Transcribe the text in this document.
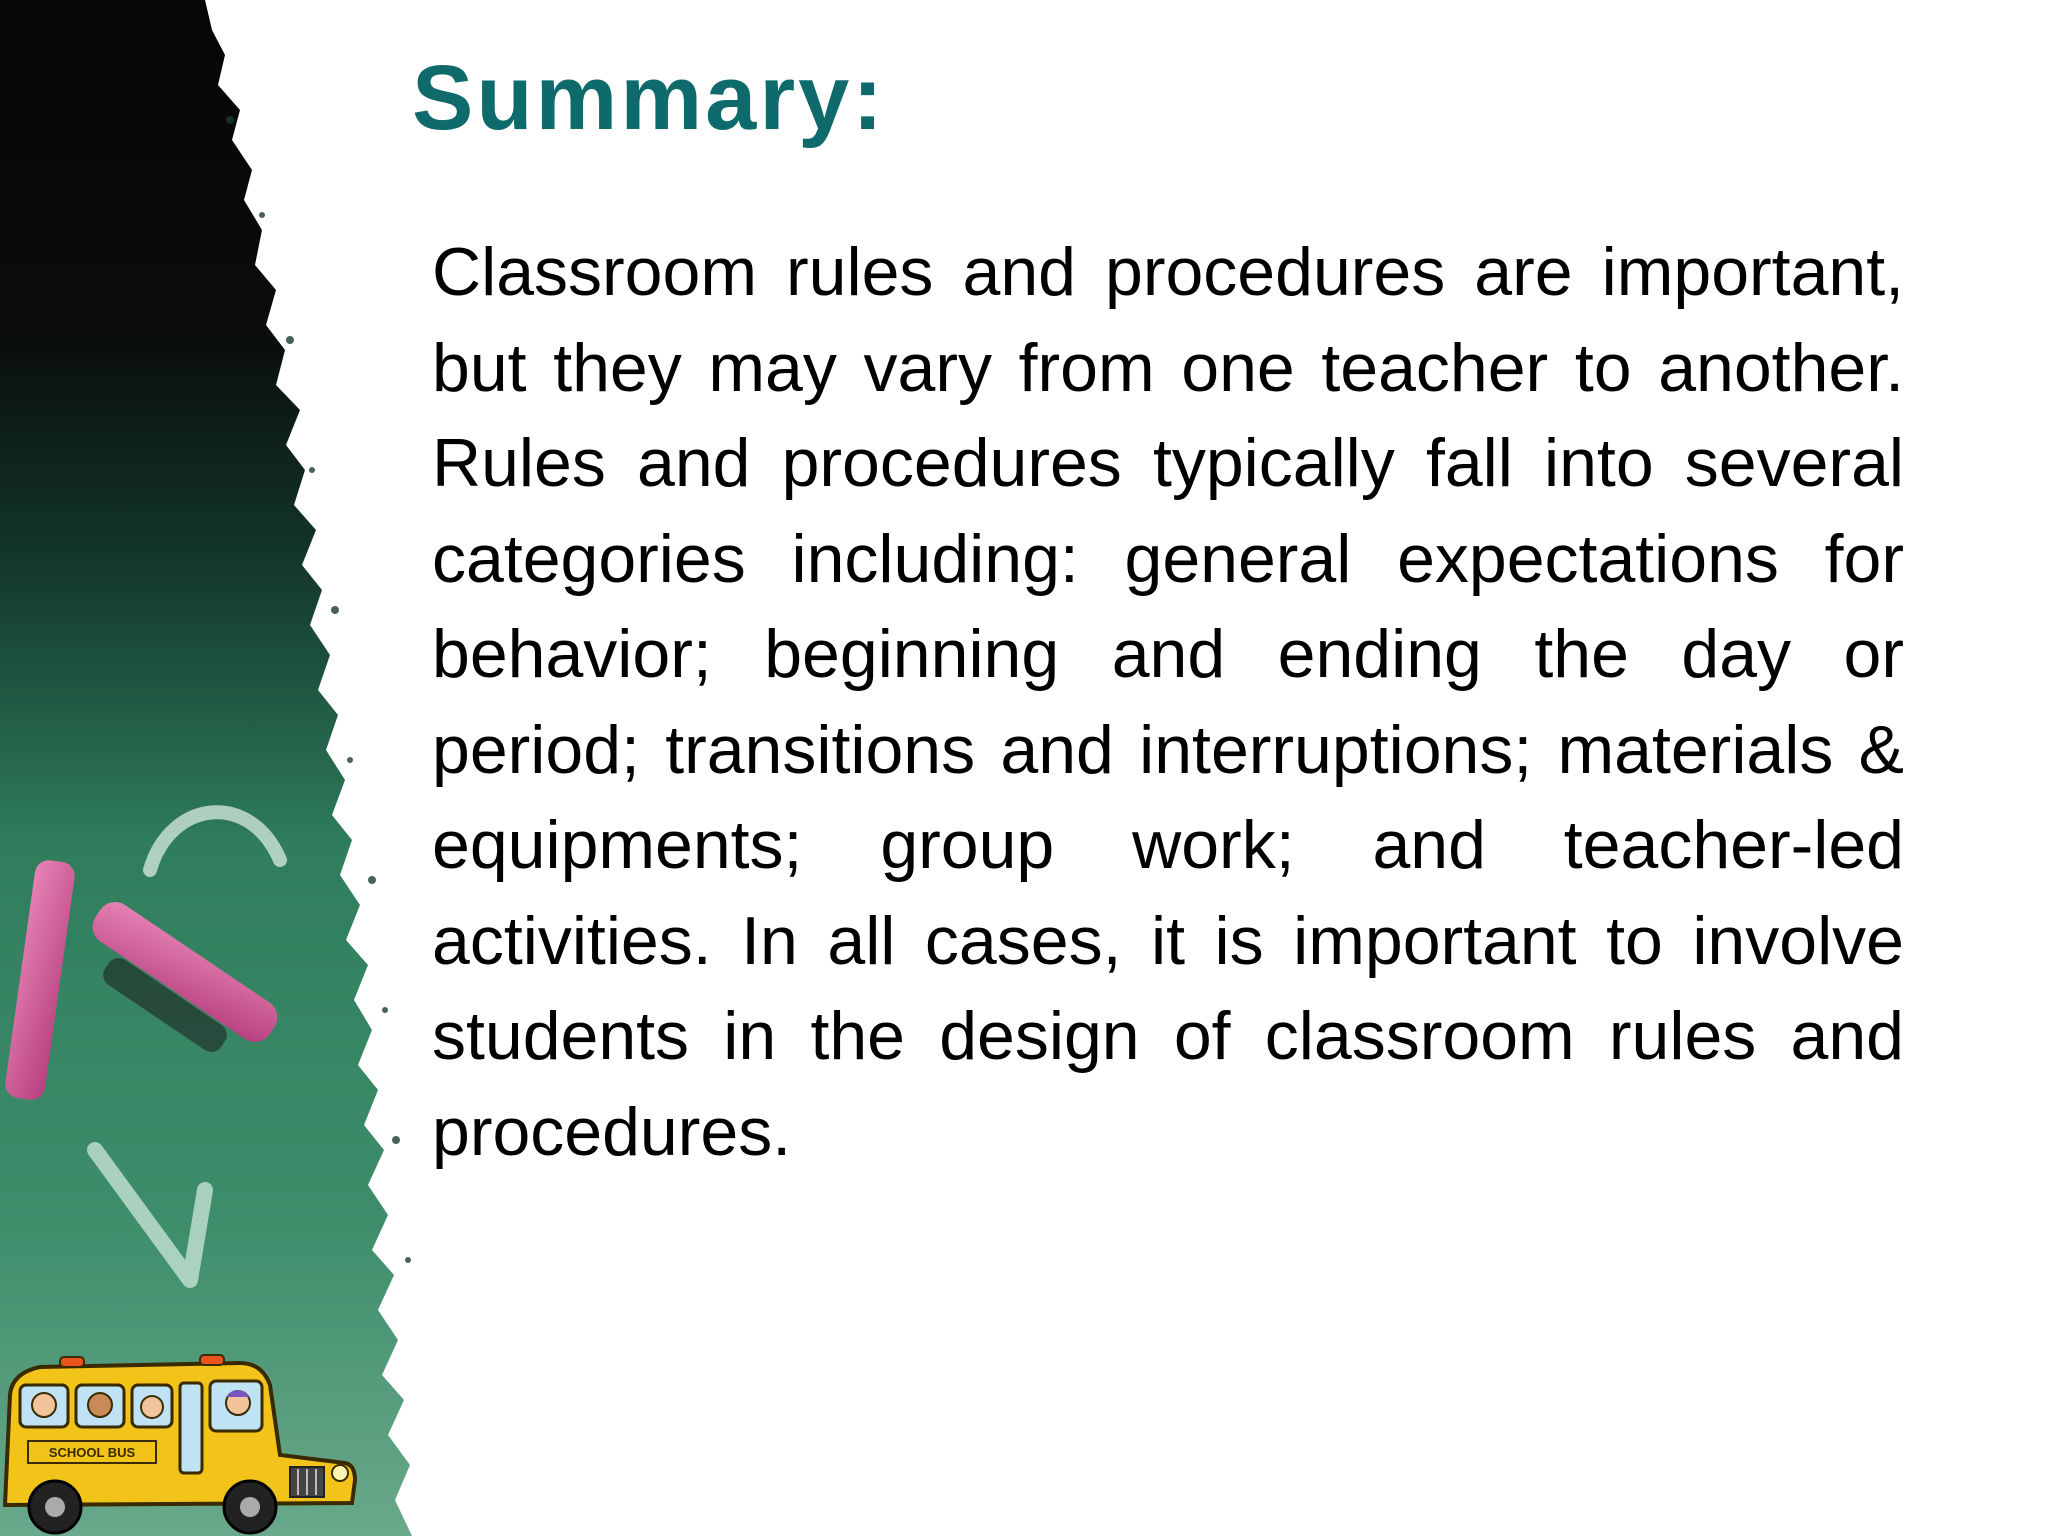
Summary:

Classroom rules and procedures are important, but they may vary from one teacher to another. Rules and procedures typically fall into several categories including: general expectations for behavior; beginning and ending the day or period; transitions and interruptions; materials & equipments; group work; and teacher-led activities. In all cases, it is important to involve students in the design of classroom rules and procedures.

SCHOOL BUS
